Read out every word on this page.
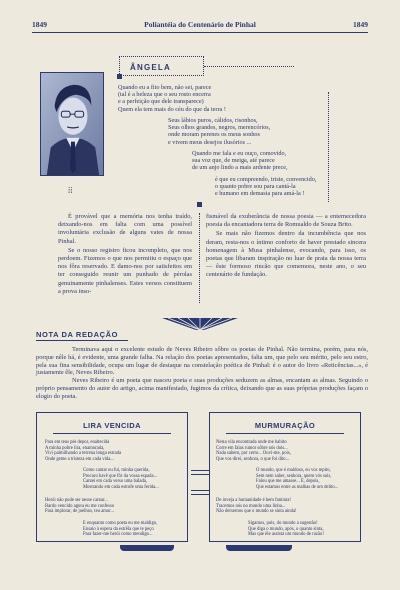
1849	Poliantéia do Centenário de Pinhal	1849
⁞⁞
ÂNGELA
Quando eu a fito bem, não sei, parece
(tal é a beleza que o seu rosto encerra
e a perfeição que dele transparece)
Quem ela tem mais do céu do que da terra !
Seus lábios puros, cálidos, risonhos,
Seus olhos grandes, negros, merencórios,
onde moram perenes os meus sonhos
e vivem meus desejos ilusórios ...
Quando me fala e eu ouço, comovido,
sua voz que, de meiga, até parece
de um anjo lindo a mais ardente prece,
é que eu compreendo, triste, convencido,
o quanto pobre sou para cantá-la
e humano em demasia para amá-la !

É provável que a memória nos tenha traído, deixando-nos em falta com uma possível involuntária exclusão de alguns vates de nossa Pinhal.

Se o nosso registro ficou incompleto, que nos perdoem. Fizemos o que nos permitiu o espaço que nos fôra reservado. E damo-nos por satisfeitos em ter conseguido reunir um punhado de pérolas genuinamente pinhalenses. Estes versos constituem a prova inso-

fismável da exuberância de nossa poesia — a enternecedora poesia da encantadora terra de Romualdo de Souza Brito.

Se mais não fizemos dentro da incumbência que nos deram, resta-nos o íntimo conforto de haver prestado sincera homenagem à Musa pinhalense, evocando, para isso, os poetas que libaram inspiração no luar de prata da nossa terra — êste formoso rincão que comemora, neste ano, o seu centenário de fundação.

NOTA DA REDAÇÃO

Terminava aqui o excelente estudo de Neves Ribeiro sôbre os poetas de Pinhal. Não termina, porém, para nós, porque nêle há, é evidente, uma grande falha. Na relação dos poetas apresentados, falta um, que pelo seu mérito, pelo seu estro, pela sua fina sensibilidade, ocupa um lugar de destaque na constelação poética de Pinhal: é o autor do livro «Reticências...», é justamente êle, Neves Ribeiro.

Neves Ribeiro é um poeta que nasceu poeta e suas produções seduzem as almas, encantam as almas. Seguindo o próprio pensamento do autor do artigo, acima manifestado, fugimos da crítica, deixando que as suas próprias produções façam o elogio do poeta.

LIRA VENCIDA
Para em teus pés depor, enaltecida
A minha pobre lira, enamorada,
Vivi palmilhando a terrena longa estrada
Onde geme a tristeza em cada vida...
Como cantar eu fui, minha querida,
Procuro havê que fôr da vossa espada...
Cantei em cada verso uma balada,
Mostrando em cada estrofe uma ferida...
Herói não pude ser nesse cantar...
Bardo vencido agora eu me confesso
Para implorar, de joelhos, teu amor...
E enquanto como poeta eu me maldigo,
Ensaio à espera da estrêla que te peço
Para fazer-me herói como mendigo...
MURMURAÇÃO
Nesta vila encontrada onde me habito
Corre em falas rumor sôbre nós dois...
Nada sabem, por certo... Ouvi-me, pois,
Que vos direi, senhora, o que foi dito...
O mundo, que é maldoso, eu vos repito,
Sem nem saber, senhora, quem vós sois,
Falou que me amasse... E, depois,
Que estamos entre as malhas de um delito...
De inveja a humanidade é bem faminta!
Tracemos nós no mundo uma linha...
Não deixemos que o mundo se sinta ainda!
Sigamos, pois, do mundo a sugestão!
Que diga o mundo, após, o quanto sinta,
Mas que êle assista um mundo de razão!
